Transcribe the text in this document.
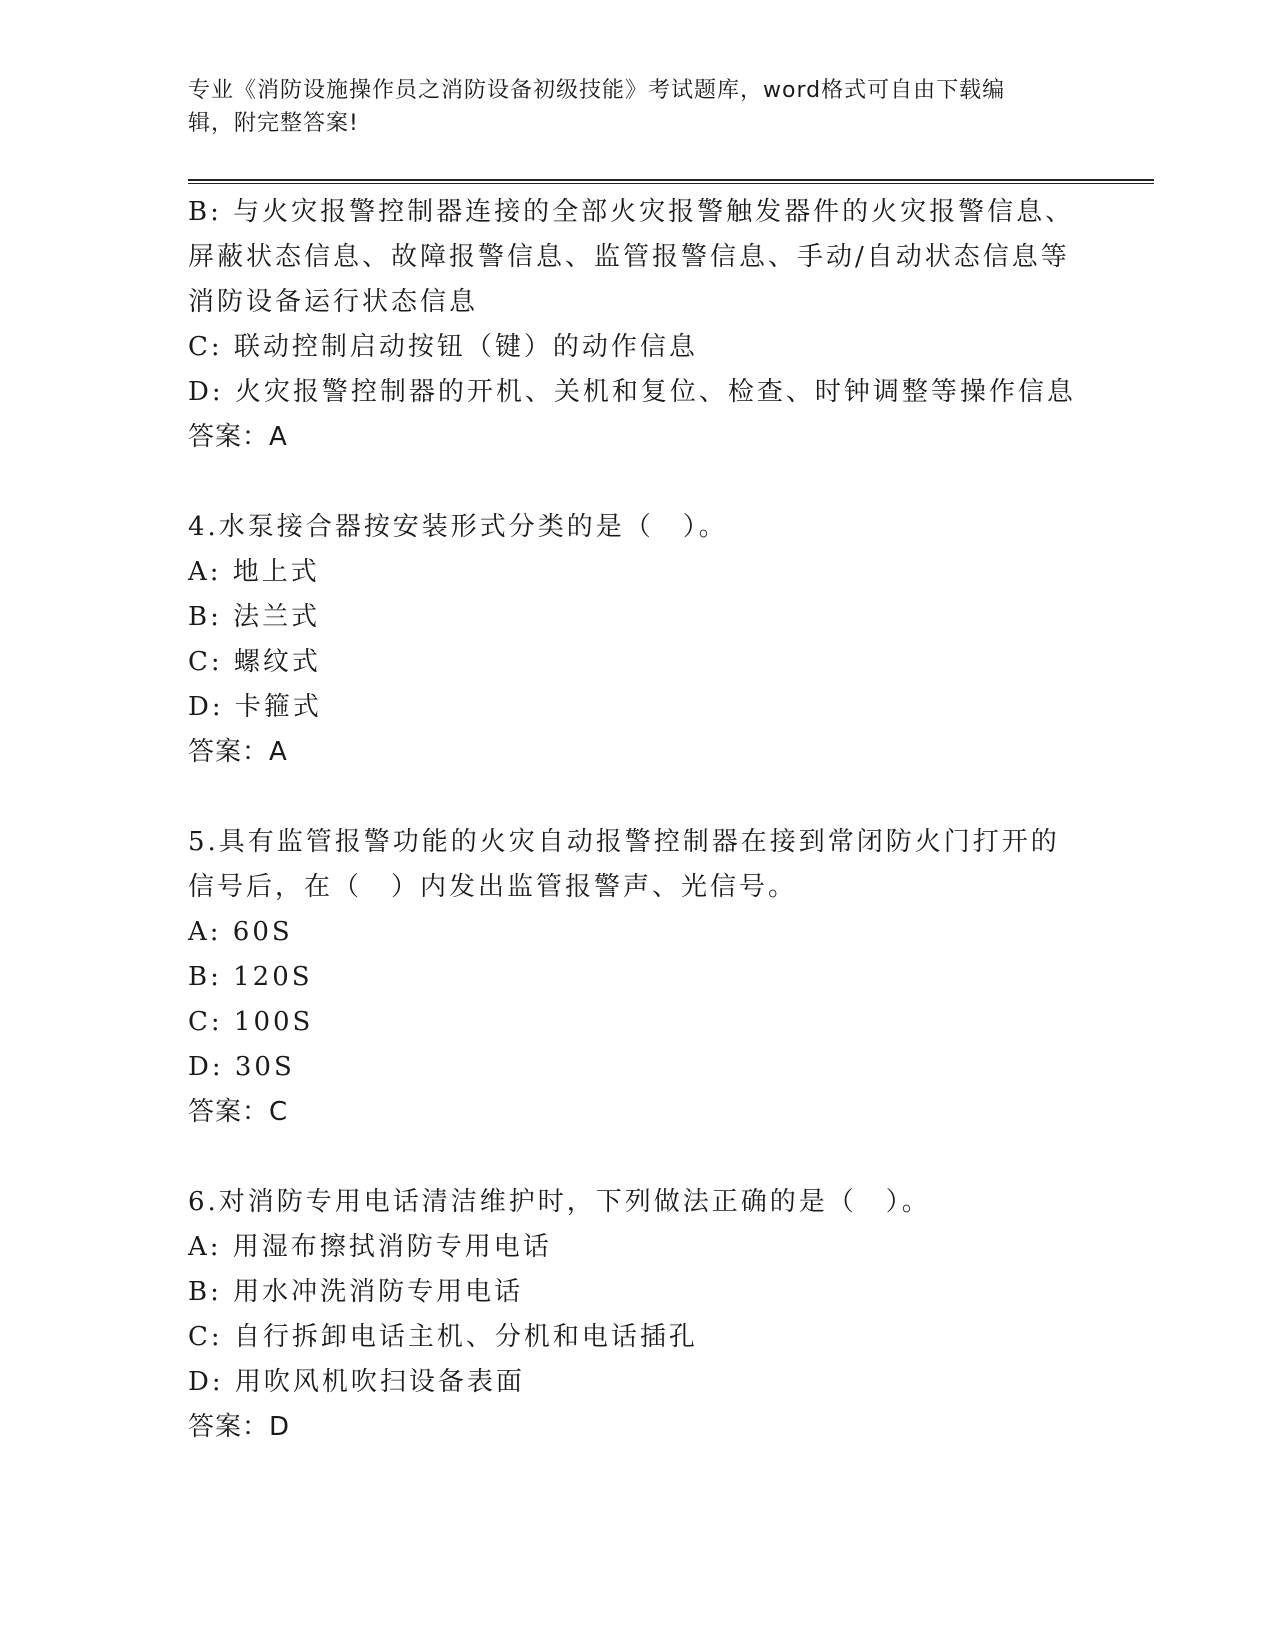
专业《消防设施操作员之消防设备初级技能》考试题库，word格式可自由下载编
辑，附完整答案!
B: 与火灾报警控制器连接的全部火灾报警触发器件的火灾报警信息、
屏蔽状态信息、故障报警信息、监管报警信息、手动/自动状态信息等
消防设备运行状态信息
C: 联动控制启动按钮（键）的动作信息
D: 火灾报警控制器的开机、关机和复位、检查、时钟调整等操作信息
答案：A
4.水泵接合器按安装形式分类的是（　）。
A: 地上式
B: 法兰式
C: 螺纹式
D: 卡箍式
答案：A
5.具有监管报警功能的火灾自动报警控制器在接到常闭防火门打开的
信号后，在（　）内发出监管报警声、光信号。
A: 60S
B: 120S
C: 100S
D: 30S
答案：C
6.对消防专用电话清洁维护时，下列做法正确的是（　）。
A: 用湿布擦拭消防专用电话
B: 用水冲洗消防专用电话
C: 自行拆卸电话主机、分机和电话插孔
D: 用吹风机吹扫设备表面
答案：D
